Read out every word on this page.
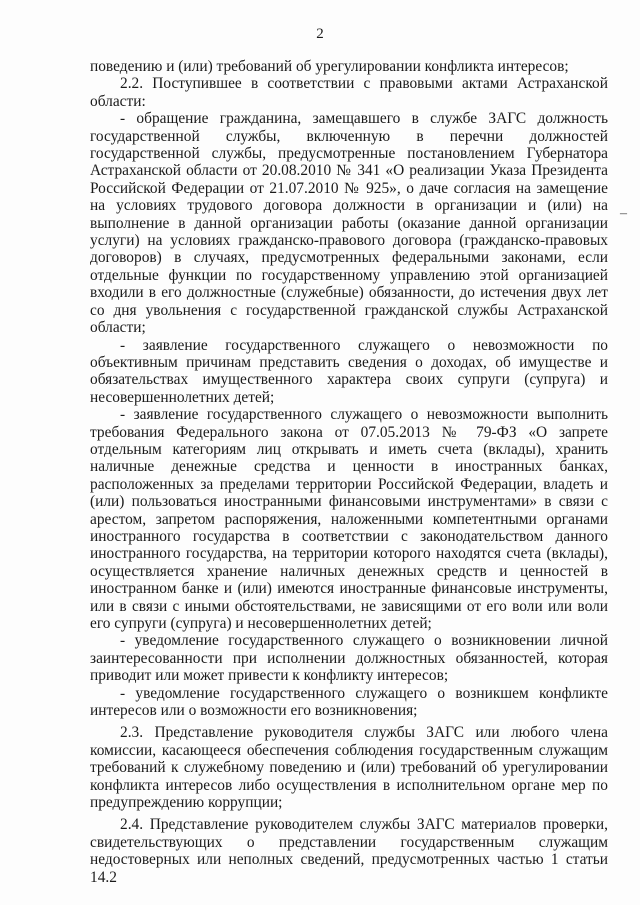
2
–

поведению и (или) требований об урегулировании конфликта интересов;

2.2. Поступившее в соответствии с правовыми актами Астраханской области:

- обращение гражданина, замещавшего в службе ЗАГС должность государственной службы, включенную в перечни должностей государственной службы, предусмотренные постановлением Губернатора Астраханской области от 20.08.2010 № 341 «О реализации Указа Президента Российской Федерации от 21.07.2010 № 925», о даче согласия на замещение на условиях трудового договора должности в организации и (или) на выполнение в данной организации работы (оказание данной организации услуги) на условиях гражданско-правового договора (гражданско-правовых договоров) в случаях, предусмотренных федеральными законами, если отдельные функции по государственному управлению этой организацией входили в его должностные (служебные) обязанности, до истечения двух лет со дня увольнения с государственной гражданской службы Астраханской области;

- заявление государственного служащего о невозможности по объективным причинам представить сведения о доходах, об имуществе и обязательствах имущественного характера своих супруги (супруга) и несовершеннолетних детей;

- заявление государственного служащего о невозможности выполнить требования Федерального закона от 07.05.2013 № 79-ФЗ «О запрете отдельным категориям лиц открывать и иметь счета (вклады), хранить наличные денежные средства и ценности в иностранных банках, расположенных за пределами территории Российской Федерации, владеть и (или) пользоваться иностранными финансовыми инструментами» в связи с арестом, запретом распоряжения, наложенными компетентными органами иностранного государства в соответствии с законодательством данного иностранного государства, на территории которого находятся счета (вклады), осуществляется хранение наличных денежных средств и ценностей в иностранном банке и (или) имеются иностранные финансовые инструменты, или в связи с иными обстоятельствами, не зависящими от его воли или воли его супруги (супруга) и несовершеннолетних детей;

- уведомление государственного служащего о возникновении личной заинтересованности при исполнении должностных обязанностей, которая приводит или может привести к конфликту интересов;

- уведомление государственного служащего о возникшем конфликте интересов или о возможности его возникновения;

2.3. Представление руководителя службы ЗАГС или любого члена комиссии, касающееся обеспечения соблюдения государственным служащим требований к служебному поведению и (или) требований об урегулировании конфликта интересов либо осуществления в исполнительном органе мер по предупреждению коррупции;

2.4. Представление руководителем службы ЗАГС материалов проверки, свидетельствующих о представлении государственным служащим недостоверных или неполных сведений, предусмотренных частью 1 статьи 14.2
